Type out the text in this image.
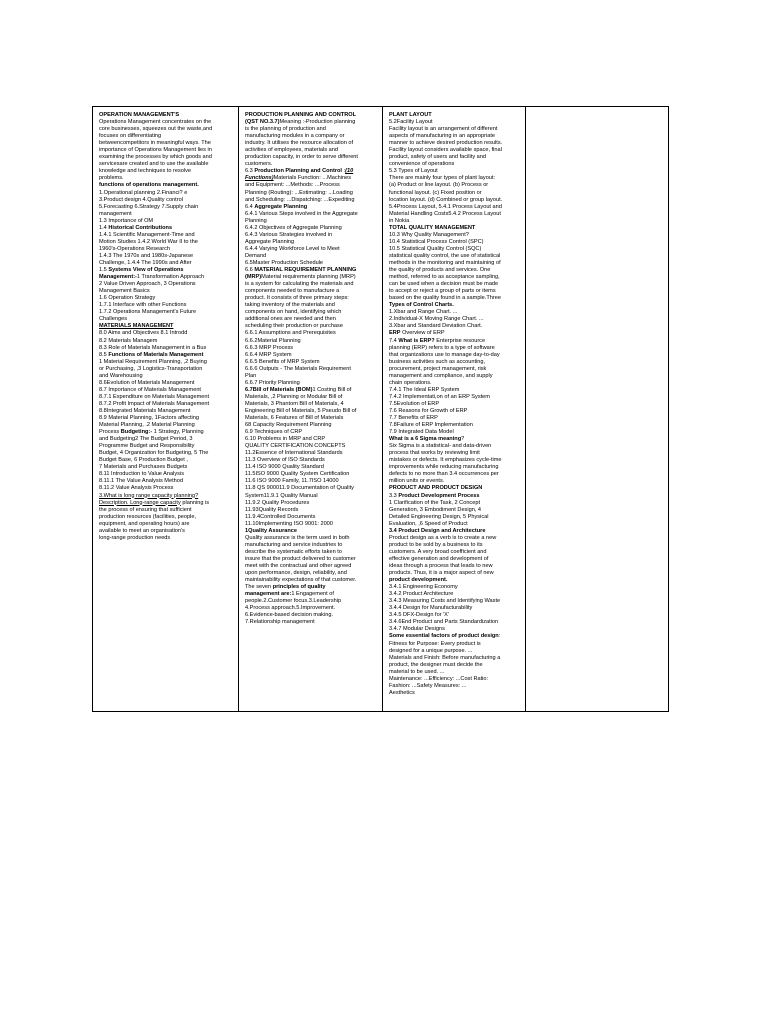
OPERATION MANAGEMENT'S
Operations Management concentrates on the
core businesses, squeezes out the waste,and
focuses on differentiating
betweencompetitors in meaningful ways. The
importance of Operations Management lies in
examining the processes by which goods and
servicesare created and to use the available
knowledge and techniques to resolve
problems.
functions of operations management.
1.Operational planning 2.Financi? e
3.Product design 4.Quality control
5.Forecasting 6.Strategy 7.Supply chain
management
1.3 Importance of OM
1.4 Historical Contributions
1.4.1 Scientific Management-Time and
Motion Studies 1.4.2 World War II to the
1960's-Operations Research
1.4.3 The 1970s and 1980s-Japanese
Challenge, 1.4.4 The 1990s and After
1.5 Systems View of Operations
Management:-1 Transformation Approach
2 Value Driven Approach, 3 Operations
Management Basics
1.6 Operation Strategy
1.7.1 Interface with other Functions
1.7.2 Operations Management's Future
Challenges
MATERIALS MANAGEMENT
8.0 Aims and Objectives 8.1 Introdd
8.2 Materials Managem
8.3 Role of Materials Management in a Bus
8.5 Functions of Materials Management
1 Material Requirement Planning, ,2 Buying
or Purchasing, ,3 Logistics-Transportation
and Warehousing
8.6Evolution of Materials Management
8.7 Importance of Materials Management
8.7.1 Expenditure on Materials Management
8.7.2 Profit Impact of Materials Management
8.8Integrated Materials Management
8.9 Material Planning, 1Factors affecting
Material Planning, .2 Material Planning
Process Budgeting:- 1 Strategy, Planning
and Budgeting2 The Budget Period, 3
Programme Budget and Responsibility
Budget, 4 Organization for Budgeting, 5 The
Budget Base, 6 Production Budget ,
7 Materials and Purchases Budgets
8.11 Introduction to Value Analysis
8.11.1 The Value Analysis Method
8.11.2 Value Analysis Process
3.What is long range capacity planning?
Description. Long-range capacity planning is
the process of ensuring that sufficient
production resources (facilities, people,
equipment, and operating hours) are
available to meet an organisation's
long-range production needs
PRODUCTION PLANNING AND CONTROL
(QST NO.3.7)Meaning :-Production planning
is the planning of production and
manufacturing modules in a company or
industry. It utilises the resource allocation of
activities of employees, materials and
production capacity, in order to serve different
customers.
6.3 Production Planning and Control :(10
Functions)Materials Function: ...Machines
and Equipment: ...Methods: ...Process
Planning (Routing): ...Estimating: ...Loading
and Scheduling: ...Dispatching: ...Expediting
6.4 Aggregate Planning
6.4.1 Various Steps involved in the Aggregate
Planning
6.4.2 Objectives of Aggregate Planning
6.4.3 Various Strategies involved in
Aggregate Planning
6.4.4 Varying Workforce Level to Meet
Demand
6.5Master Production Schedule
6.6 MATERIAL REQUIREMENT PLANNING
(MRP)Material requirements planning (MRP)
is a system for calculating the materials and
components needed to manufacture a
product. It consists of three primary steps:
taking inventory of the materials and
components on hand, identifying which
additional ones are needed and then
scheduling their production or purchase
6.6.1 Assumptions and Prerequisites
6.6.2Material Planning
6.6.3 MRP Process
6.6.4 MRP System
6.6.5 Benefits of MRP System
6.6.6 Outputs - The Materials Requirement
Plan
6.6.7 Priority Planning
6.7Bill of Materials (BOM)1 Costing Bill of
Materials, ,2 Planning or Modular Bill of
Materials, 3 Phantom Bill of Materials, 4
Engineering Bill of Materials, 5 Pseudo Bill of
Materials, 6 Features of Bill of Materials
68 Capacity Requirement Planning
6.9 Techniques of CRP
6.10 Problems in MRP and CRP
QUALITY CERTIFICATION CONCEPTS
11.2Essence of International Standards
11.3 Overview of ISO Standards
11.4 ISO 9000 Quality Standard
11.5ISO 9000 Quality System Certification
11.6 ISO 9000 Family, 11.7ISO 14000
11.8 QS 900011.9 Documentation of Quality
System11.9.1 Quality Manual
11.9.2 Quality Procedures
11.93Quality Records
11.9.4Controlled Documents
11.10Implementing ISO 9001: 2000
1Quality Assurance
Quality assurance is the term used in both
manufacturing and service industries to
describe the systematic efforts taken to
insure that the product delivered to customer
meet with the contractual and other agreed
upon performance, design, reliability, and
maintainability expectations of that customer.
The seven principles of quality
management are:1 Engagement of
people.2.Customer focus.3.Leadership
4.Process approach.5.Improvement.
6.Evidence-based decision making.
7.Relationship management
PLANT LAYOUT
5.2Facility Layout
Facility layout is an arrangement of different
aspects of manufacturing in an appropriate
manner to achieve desired production results.
Facility layout considers available space, final
product, safety of users and facility and
convenience of operations
5.3 Types of Layout
There are mainly four types of plant layout:
(a) Product or line layout. (b) Process or
functional layout. (c) Fixed position or
location layout. (d) Combined or group layout.
5.4Process Layout, 5.4.1 Process Layout and
Material Handling Costs5.4.2 Process Layout
in Nokia
TOTAL QUALITY MANAGEMENT
10.3 Why Quality Management?
10.4 Statistical Process Control (SPC)
10.5 Statistical Quality Control (SQC)
statistical quality control, the use of statistical
methods in the monitoring and maintaining of
the quality of products and services. One
method, referred to as acceptance sampling,
can be used when a decision must be made
to accept or reject a group of parts or items
based on the quality found in a sample.Three
Types of Control Charts.
1.Xbar and Range Chart. ...
2.Individual-X Moving Range Chart. ...
3.Xbar and Standard Deviation Chart.
ERP Overview of ERP
7.4 What is ERP? Enterprise resource
planning (ERP) refers to a type of software
that organizations use to manage day-to-day
business activities such as accounting,
procurement, project management, risk
management and compliance, and supply
chain operations.
7.4.1 The Ideal ERP System
7.4.2 Implementati,on of an ERP System
7.5Evolution of ERP
7.6 Reasons for Growth of ERP
7.7 Benefits of ERP
7.8Failure of ERP Implementation
7.9 Integrated Data Model
What is a 6 Sigma meaning?
Six Sigma is a statistical- and data-driven
process that works by reviewing limit
mistakes or defects. It emphasizes cycle-time
improvements while reducing manufacturing
defects to no more than 3.4 occurrences per
million units or events.
PRODUCT AND PRODUCT DESIGN
3.3 Product Development Process
1 Clarification of the Task, 2 Concept
Generation, 3 Embodiment Design, 4
Detailed Engineering Design, 5 Physical
Evaluation, ,6 Speed of Product
3.4 Product Design and Architecture
Product design as a verb is to create a new
product to be sold by a business to its
customers. A very broad coefficient and
effective generation and development of
ideas through a process that leads to new
products. Thus, it is a major aspect of new
product development.
3.4.1 Engineering Economy
3.4.2 Product Architecture
3.4.3 Measuring Costs and Identifying Waste
3.4.4 Design for Manufacturability
3.4.5 DFX-Design for 'X'
3.4.6End Product and Parts Standardization
3.4.7 Modular Designs
Some essential factors of product design:
Fitness for Purpose: Every product is
designed for a unique purpose. ...
Materials and Finish: Before manufacturing a
product, the designer must decide the
material to be used. ...
Maintenance: ...Efficiency: ...Cost Ratio:
Fashion: ...Safety Measures: ...
Aesthetics
